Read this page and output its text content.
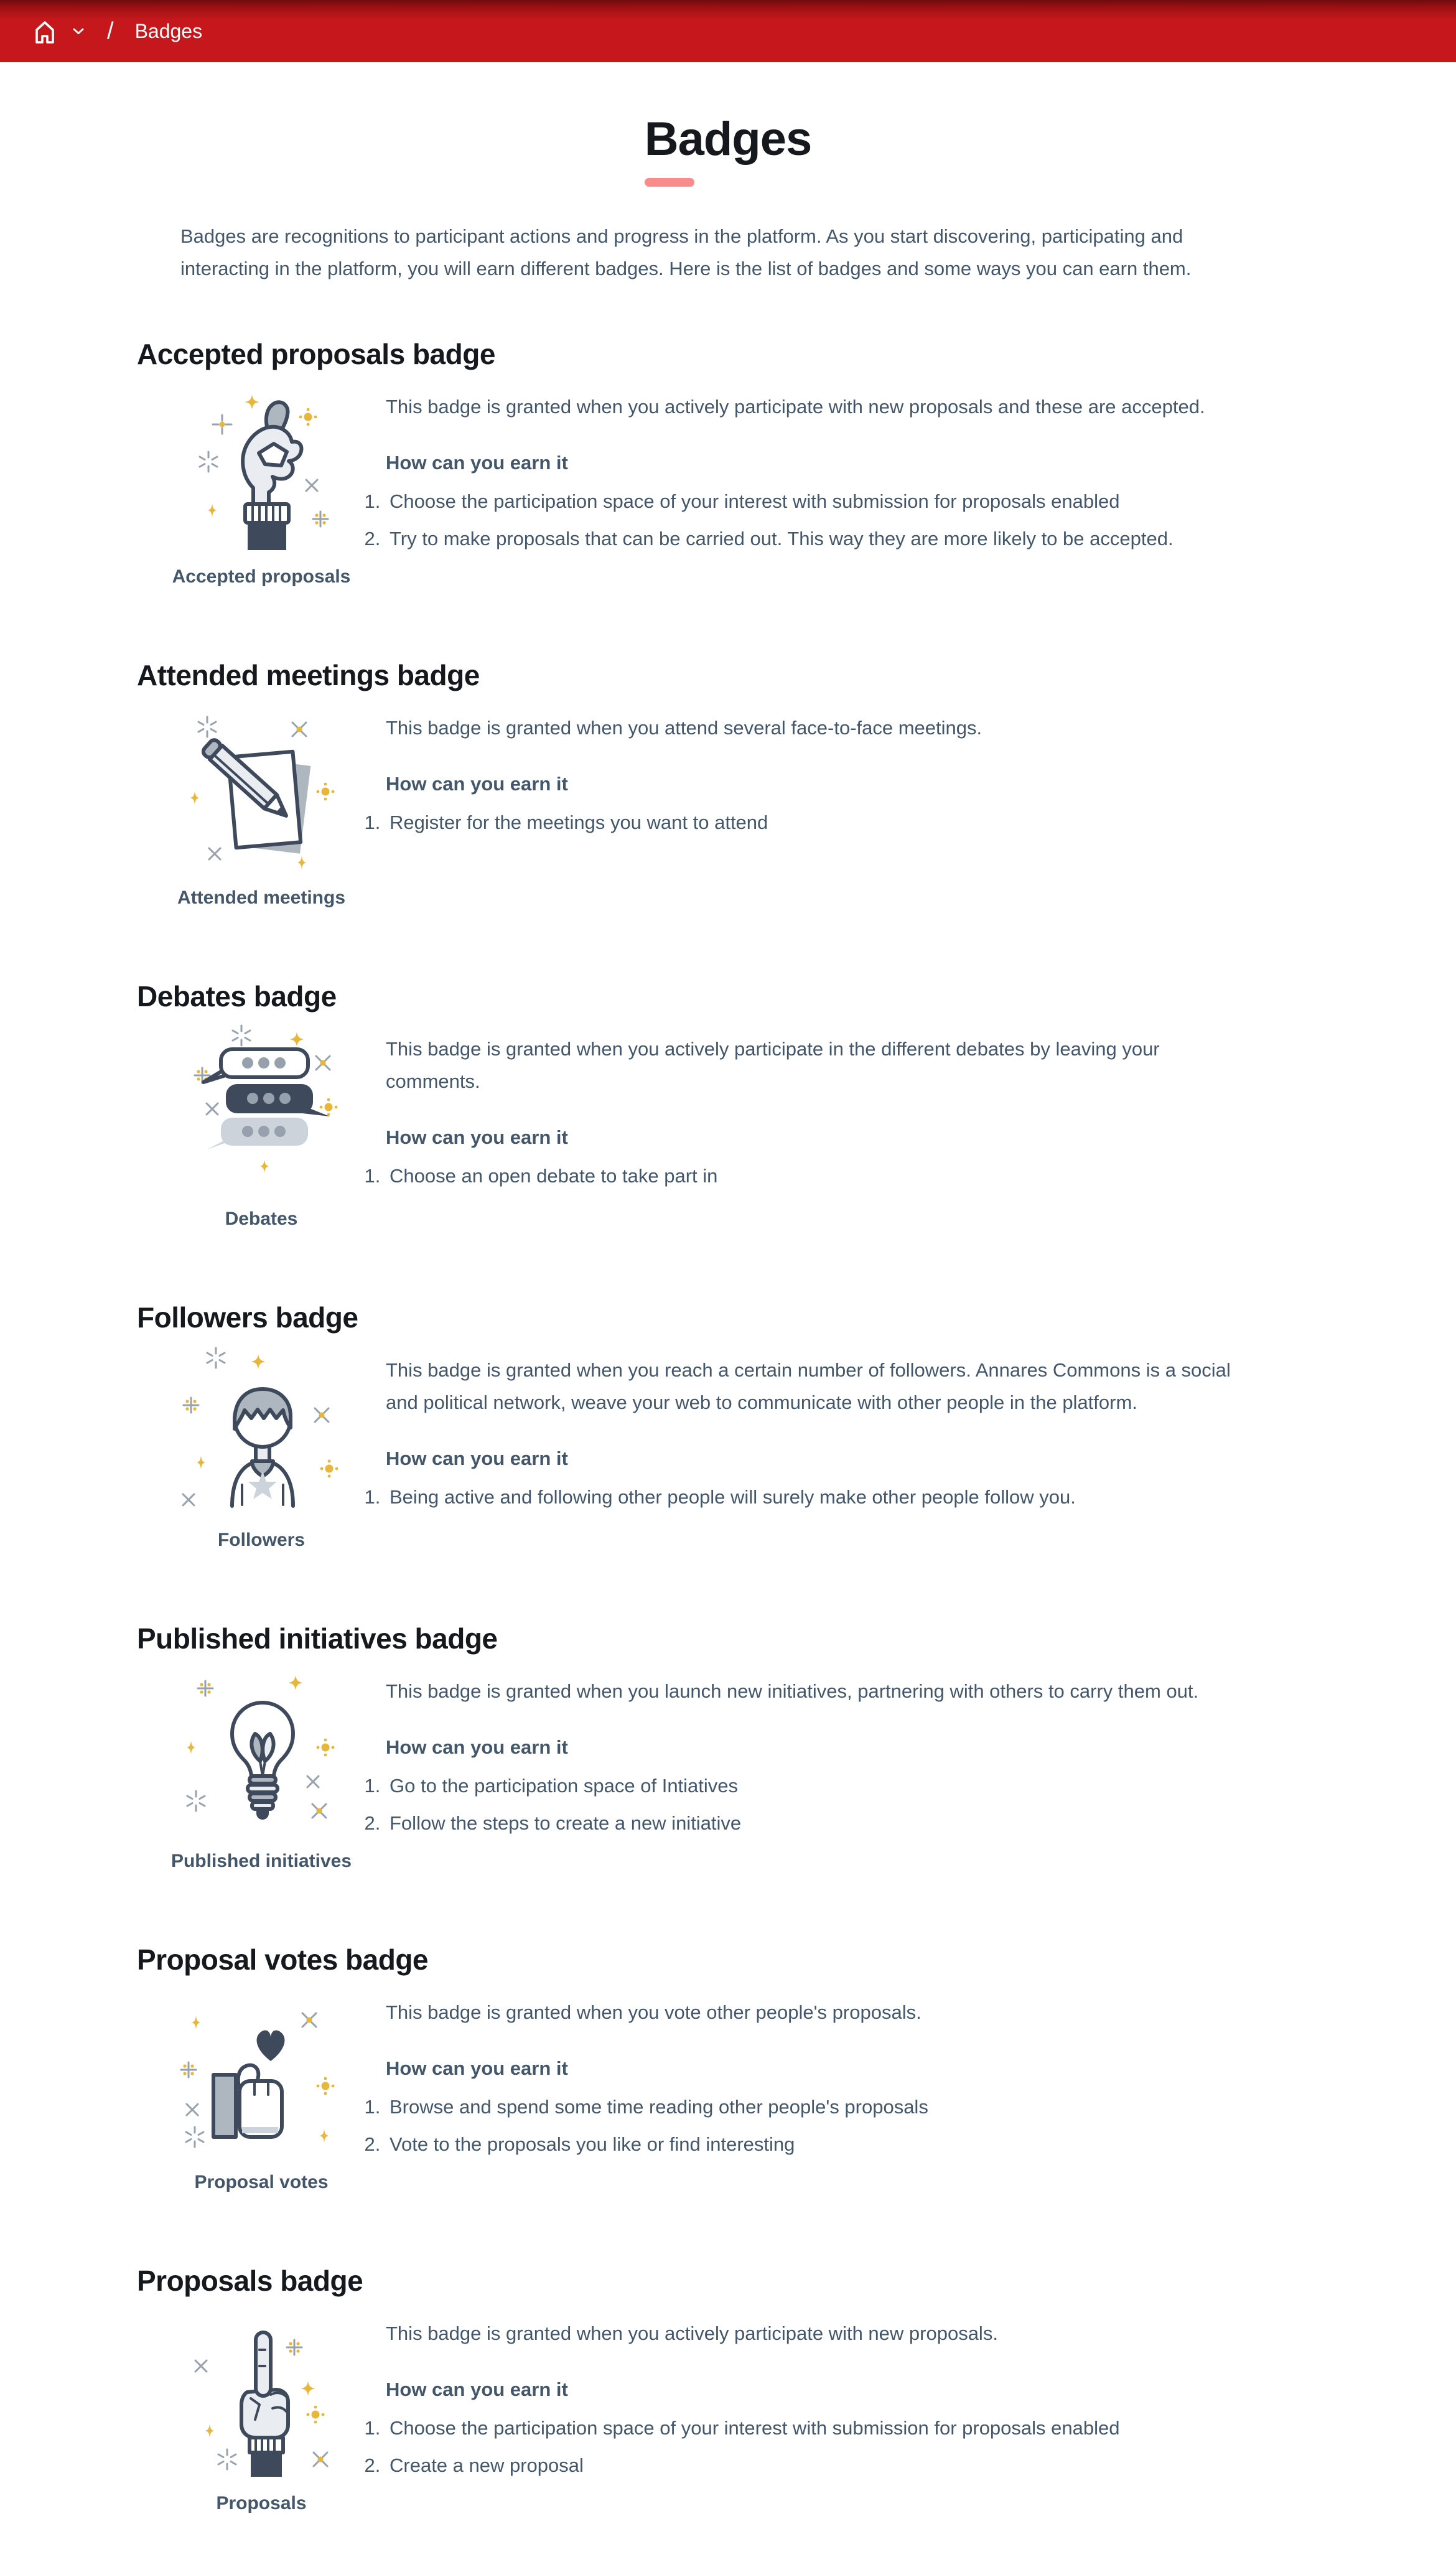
/ Badges
Badges

Badges are recognitions to participant actions and progress in the platform. As you start discovering, participating and interacting in the platform, you will earn different badges. Here is the list of badges and some ways you can earn them.

Accepted proposals badge
Accepted proposals

This badge is granted when you actively participate with new proposals and these are accepted.

How can you earn it
1. Choose the participation space of your interest with submission for proposals enabled
2. Try to make proposals that can be carried out. This way they are more likely to be accepted.
Attended meetings badge
Attended meetings

This badge is granted when you attend several face-to-face meetings.

How can you earn it
1. Register for the meetings you want to attend
Debates badge
Debates

This badge is granted when you actively participate in the different debates by leaving your comments.

How can you earn it
1. Choose an open debate to take part in
Followers badge
Followers

This badge is granted when you reach a certain number of followers. Annares Commons is a social and political network, weave your web to communicate with other people in the platform.

How can you earn it
1. Being active and following other people will surely make other people follow you.
Published initiatives badge
Published initiatives

This badge is granted when you launch new initiatives, partnering with others to carry them out.

How can you earn it
1. Go to the participation space of Intiatives
2. Follow the steps to create a new initiative
Proposal votes badge
Proposal votes

This badge is granted when you vote other people's proposals.

How can you earn it
1. Browse and spend some time reading other people's proposals
2. Vote to the proposals you like or find interesting
Proposals badge
Proposals

This badge is granted when you actively participate with new proposals.

How can you earn it
1. Choose the participation space of your interest with submission for proposals enabled
2. Create a new proposal
